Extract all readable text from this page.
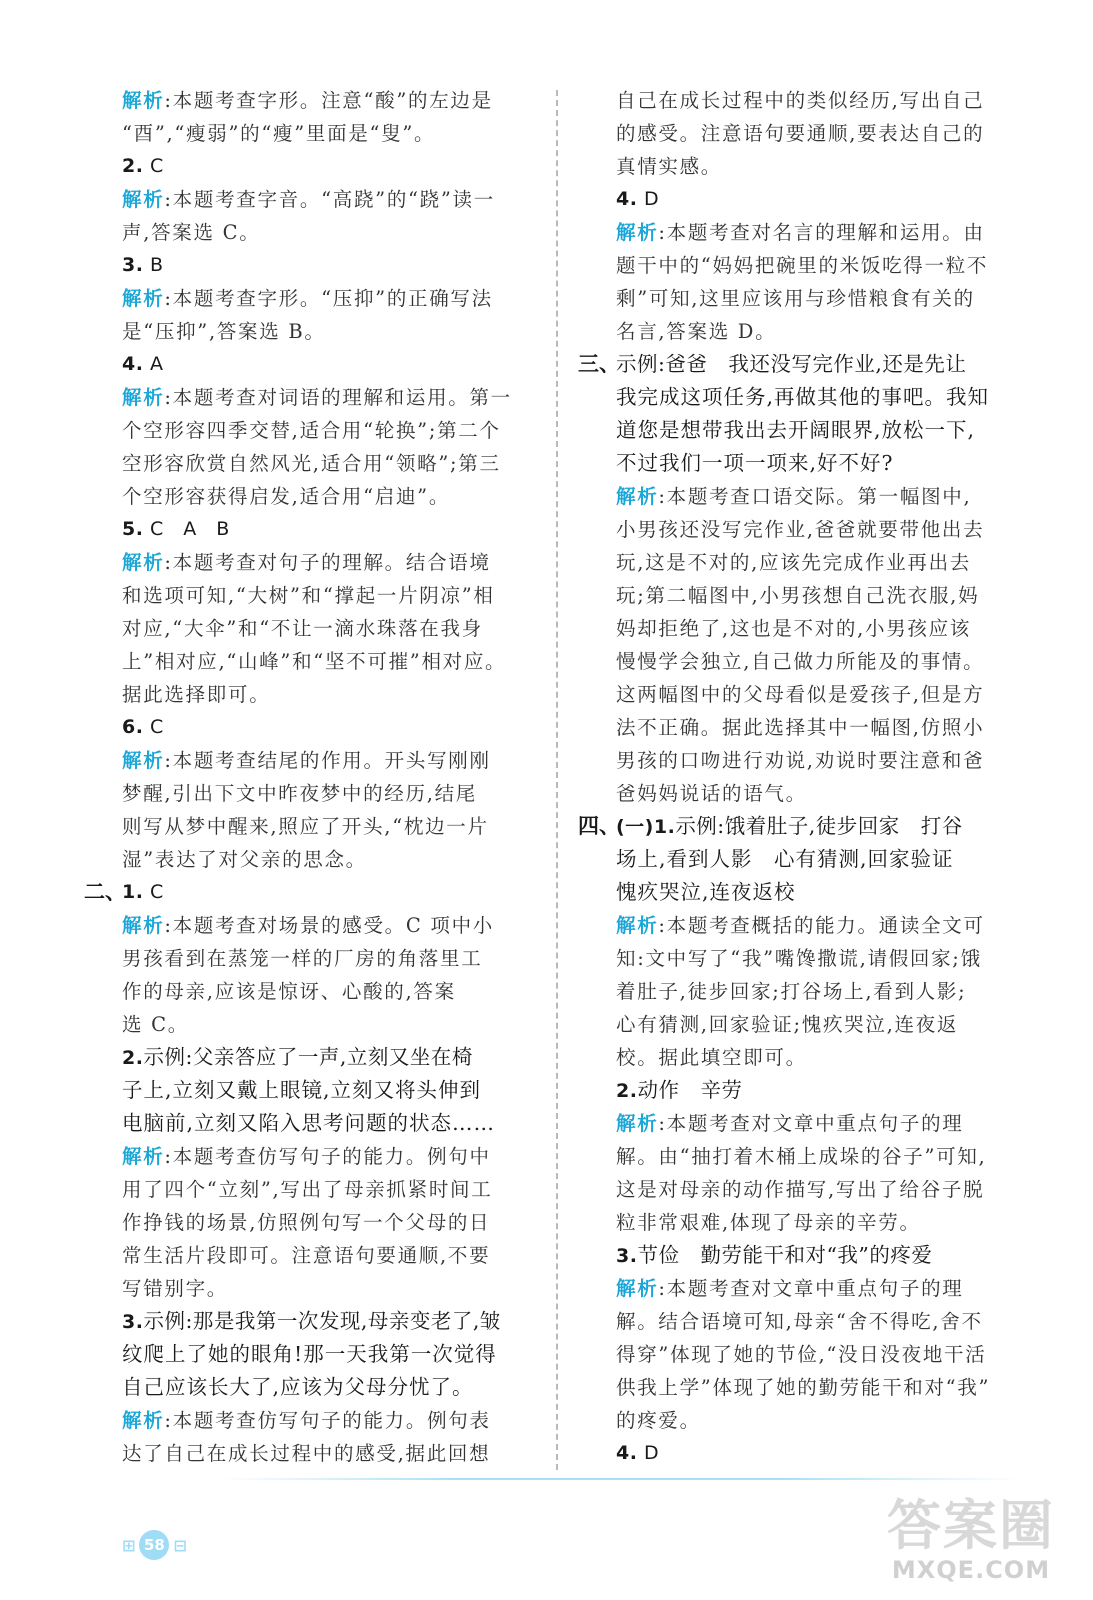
解析:本题考查字形。注意“酸”的左边是
“酉”,“瘦弱”的“瘦”里面是“叟”。
2. C
解析:本题考查字音。“高跷”的“跷”读一
声,答案选 C。
3. B
解析:本题考查字形。“压抑”的正确写法
是“压抑”,答案选 B。
4. A
解析:本题考查对词语的理解和运用。第一
个空形容四季交替,适合用“轮换”;第二个
空形容欣赏自然风光,适合用“领略”;第三
个空形容获得启发,适合用“启迪”。
5. C　A　B
解析:本题考查对句子的理解。结合语境
和选项可知,“大树”和“撑起一片阴凉”相
对应,“大伞”和“不让一滴水珠落在我身
上”相对应,“山峰”和“坚不可摧”相对应。
据此选择即可。
6. C
解析:本题考查结尾的作用。开头写刚刚
梦醒,引出下文中昨夜梦中的经历,结尾
则写从梦中醒来,照应了开头,“枕边一片
湿”表达了对父亲的思念。
二、
1. C
解析:本题考查对场景的感受。C 项中小
男孩看到在蒸笼一样的厂房的角落里工
作的母亲,应该是惊讶、心酸的,答案
选 C。
2.示例:父亲答应了一声,立刻又坐在椅
子上,立刻又戴上眼镜,立刻又将头伸到
电脑前,立刻又陷入思考问题的状态……
解析:本题考查仿写句子的能力。例句中
用了四个“立刻”,写出了母亲抓紧时间工
作挣钱的场景,仿照例句写一个父母的日
常生活片段即可。注意语句要通顺,不要
写错别字。
3.示例:那是我第一次发现,母亲变老了,皱
纹爬上了她的眼角!那一天我第一次觉得
自己应该长大了,应该为父母分忧了。
解析:本题考查仿写句子的能力。例句表
达了自己在成长过程中的感受,据此回想
自己在成长过程中的类似经历,写出自己
的感受。注意语句要通顺,要表达自己的
真情实感。
4. D
解析:本题考查对名言的理解和运用。由
题干中的“妈妈把碗里的米饭吃得一粒不
剩”可知,这里应该用与珍惜粮食有关的
名言,答案选 D。
三、
示例:爸爸　我还没写完作业,还是先让
我完成这项任务,再做其他的事吧。我知
道您是想带我出去开阔眼界,放松一下,
不过我们一项一项来,好不好?
解析:本题考查口语交际。第一幅图中,
小男孩还没写完作业,爸爸就要带他出去
玩,这是不对的,应该先完成作业再出去
玩;第二幅图中,小男孩想自己洗衣服,妈
妈却拒绝了,这也是不对的,小男孩应该
慢慢学会独立,自己做力所能及的事情。
这两幅图中的父母看似是爱孩子,但是方
法不正确。据此选择其中一幅图,仿照小
男孩的口吻进行劝说,劝说时要注意和爸
爸妈妈说话的语气。
四、
(一)1.示例:饿着肚子,徒步回家　打谷
场上,看到人影　心有猜测,回家验证
愧疚哭泣,连夜返校
解析:本题考查概括的能力。通读全文可
知:文中写了“我”嘴馋撒谎,请假回家;饿
着肚子,徒步回家;打谷场上,看到人影;
心有猜测,回家验证;愧疚哭泣,连夜返
校。据此填空即可。
2.动作　辛劳
解析:本题考查对文章中重点句子的理
解。由“抽打着木桶上成垛的谷子”可知,
这是对母亲的动作描写,写出了给谷子脱
粒非常艰难,体现了母亲的辛劳。
3.节俭　勤劳能干和对“我”的疼爱
解析:本题考查对文章中重点句子的理
解。结合语境可知,母亲“舍不得吃,舍不
得穿”体现了她的节俭,“没日没夜地干活
供我上学”体现了她的勤劳能干和对“我”
的疼爱。
4. D
⊞ 58 ⊟	答案圈
MXQE.COM
